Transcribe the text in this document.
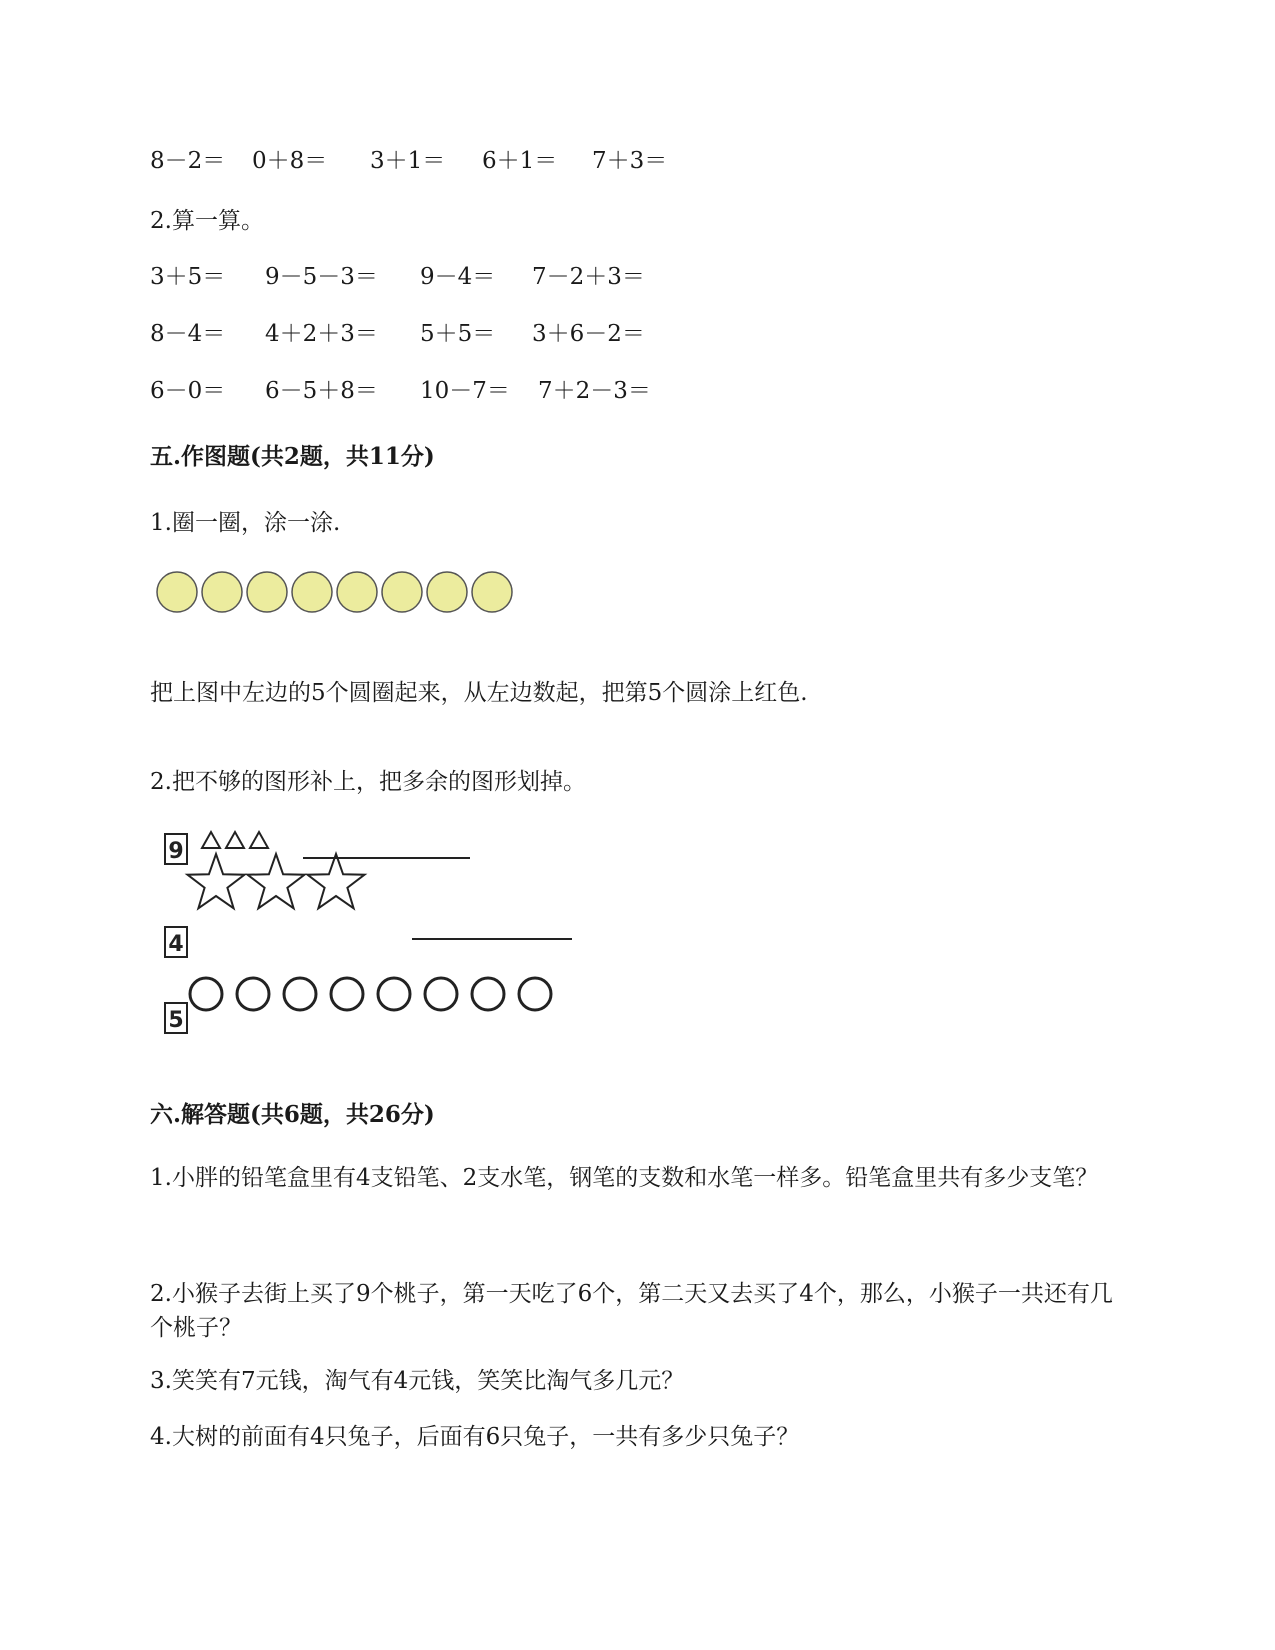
8－2＝ 0＋8＝ 3＋1＝ 6＋1＝ 7＋3＝
2.算一算。
3＋5＝ 9－5－3＝ 9－4＝ 7－2＋3＝
8－4＝ 4＋2＋3＝ 5＋5＝ 3＋6－2＝
6－0＝ 6－5＋8＝ 10－7＝ 7＋2－3＝
五.作图题(共2题，共11分)
1.圈一圈，涂一涂.
把上图中左边的5个圆圈起来，从左边数起，把第5个圆涂上红色.
2.把不够的图形补上，把多余的图形划掉。
9
4
5
六.解答题(共6题，共26分)
1.小胖的铅笔盒里有4支铅笔、2支水笔，钢笔的支数和水笔一样多。铅笔盒里共有多少支笔？
2.小猴子去街上买了9个桃子，第一天吃了6个，第二天又去买了4个，那么，小猴子一共还有几个桃子？
3.笑笑有7元钱，淘气有4元钱，笑笑比淘气多几元？
4.大树的前面有4只兔子，后面有6只兔子，一共有多少只兔子？
